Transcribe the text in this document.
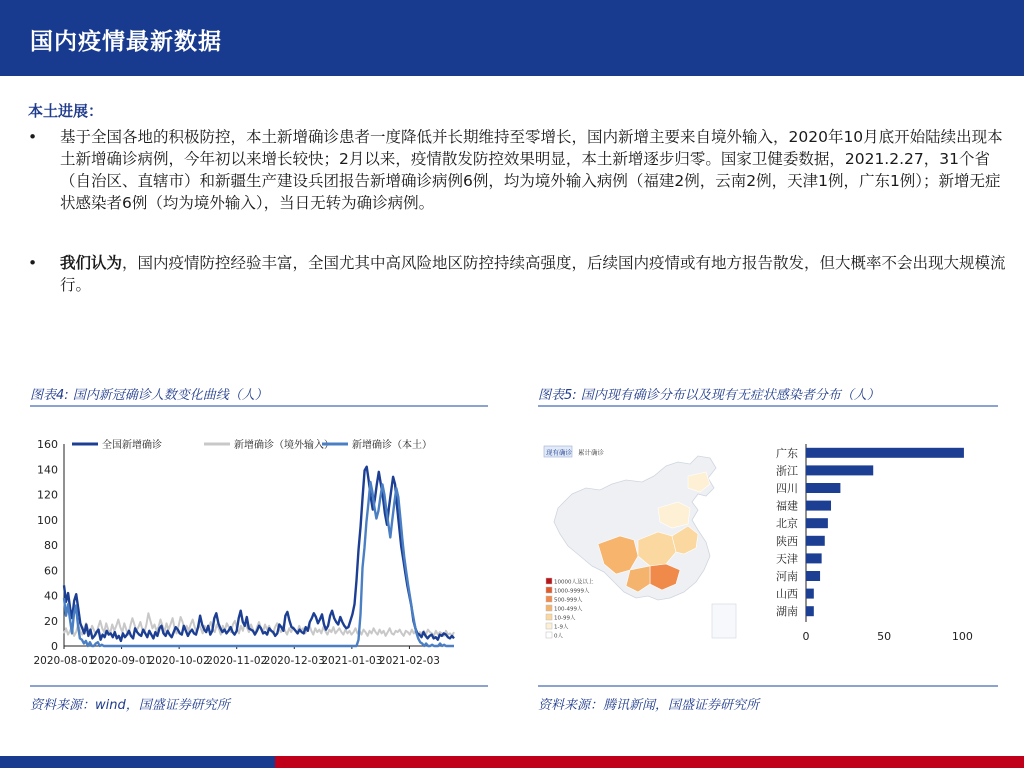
国内疫情最新数据
本土进展：
• 基于全国各地的积极防控，本土新增确诊患者一度降低并长期维持至零增长，国内新增主要来自境外输入，2020年10月底开始陆续出现本土新增确诊病例，今年初以来增长较快；2月以来，疫情散发防控效果明显，本土新增逐步归零。国家卫健委数据，2021.2.27，31个省（自治区、直辖市）和新疆生产建设兵团报告新增确诊病例6例，均为境外输入病例（福建2例，云南2例，天津1例，广东1例）；新增无症状感染者6例（均为境外输入），当日无转为确诊病例。
• 我们认为，国内疫情防控经验丰富，全国尤其中高风险地区防控持续高强度，后续国内疫情或有地方报告散发，但大概率不会出现大规模流行。
图表4: 国内新冠确诊人数变化曲线（人）
0
20
40
60
80
100
120
140
160
2020-08-01
2020-09-01
2020-10-02
2020-11-02
2020-12-03
2021-01-03
2021-02-03
全国新增确诊	新增确诊（境外输入） 新增确诊（本土）
资料来源：wind，国盛证券研究所
图表5: 国内现有确诊分布以及现有无症状感染者分布（人）
现有确诊 累计确诊
10000人及以上
1000-9999人
500-999人
100-499人
10-99人
1-9人
0人
广东
浙江
四川
福建
北京
陕西
天津
河南
山西
湖南
0	50	100
资料来源：腾讯新闻，国盛证券研究所
